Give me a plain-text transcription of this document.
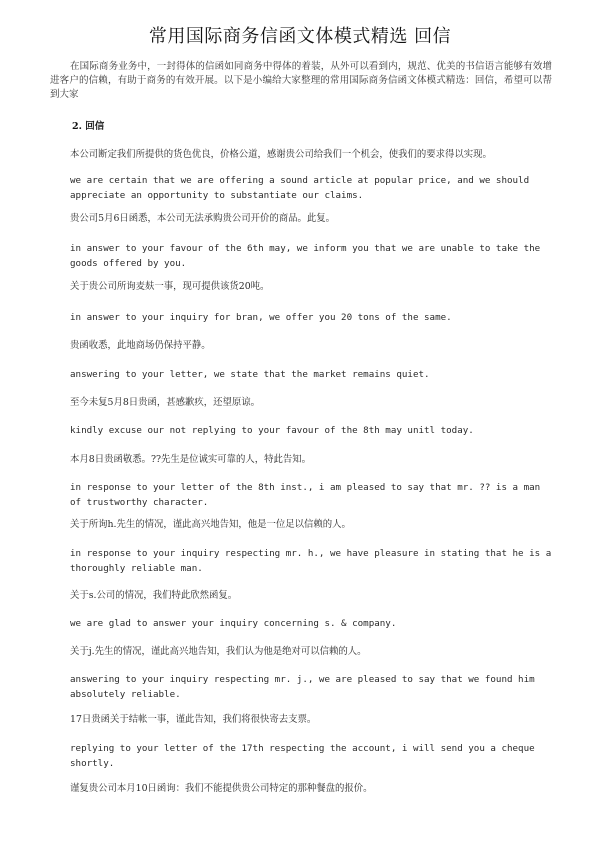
常用国际商务信函文体模式精选 回信
在国际商务业务中，一封得体的信函如同商务中得体的着装，从外可以看到内，规范、优美的书信语言能够有效增进客户的信赖，有助于商务的有效开展。以下是小编给大家整理的常用国际商务信函文体模式精选：回信，希望可以帮到大家
2. 回信
本公司断定我们所提供的货色优良，价格公道，感谢贵公司给我们一个机会，使我们的要求得以实现。
we are certain that we are offering a sound article at popular price, and we should appreciate an opportunity to substantiate our claims.
贵公司5月6日函悉，本公司无法承购贵公司开价的商品。此复。
in answer to your favour of the 6th may, we inform you that we are unable to take the goods offered by you.
关于贵公司所询麦麸一事，现可提供该货20吨。
in answer to your inquiry for bran, we offer you 20 tons of the same.
贵函收悉，此地商场仍保持平静。
answering to your letter, we state that the market remains quiet.
至今未复5月8日贵函，甚感歉疚，还望原谅。
kindly excuse our not replying to your favour of the 8th may unitl today.
本月8日贵函敬悉。??先生是位诚实可靠的人，特此告知。
in response to your letter of the 8th inst., i am pleased to say that mr. ?? is a man of trustworthy character.
关于所询h.先生的情况，谨此高兴地告知，他是一位足以信赖的人。
in response to your inquiry respecting mr. h., we have pleasure in stating that he is a thoroughly reliable man.
关于s.公司的情况，我们特此欣然函复。
we are glad to answer your inquiry concerning s. & company.
关于j.先生的情况，谨此高兴地告知，我们认为他是绝对可以信赖的人。
answering to your inquiry respecting mr. j., we are pleased to say that we found him absolutely reliable.
17日贵函关于结帐一事，谨此告知，我们将很快寄去支票。
replying to your letter of the 17th respecting the account, i will send you a cheque shortly.
谨复贵公司本月10日函询：我们不能提供贵公司特定的那种餐盘的报价。
